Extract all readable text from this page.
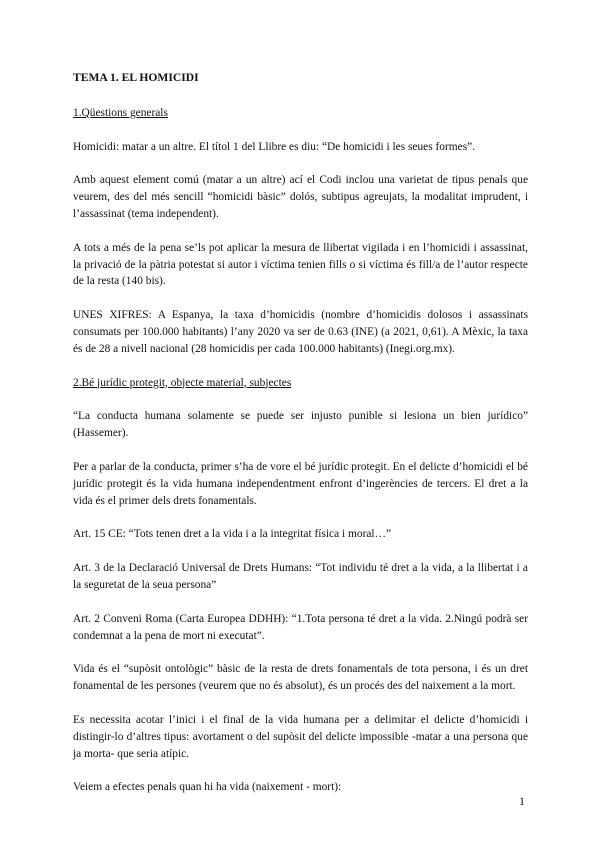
TEMA 1. EL HOMICIDI
1.Qüestions generals

Homicidi: matar a un altre. El títol 1 del Llibre es diu: “De homicidi i les seues formes”.

Amb aquest element comú (matar a un altre) ací el Codi inclou una varietat de tipus penals que veurem, des del més sencill “homicidi bàsic” dolós, subtipus agreujats, la modalitat imprudent, i l’assassinat (tema independent).

A tots a més de la pena se’ls pot aplicar la mesura de llibertat vigilada i en l’homicidi i assassinat, la privació de la pàtria potestat si autor i víctima tenien fills o si víctima és fill/a de l’autor respecte de la resta (140 bis).

UNES XIFRES: A Espanya, la taxa d’homicidis (nombre d’homicidis dolosos i assassinats consumats per 100.000 habitants) l’any 2020 va ser de 0.63 (INE) (a 2021, 0,61). A Mèxic, la taxa és de 28 a nivell nacional (28 homicidis per cada 100.000 habitants) (Inegi.org.mx).

2.Bé jurídic protegit, objecte material, subjectes

“La conducta humana solamente se puede ser injusto punible si lesiona un bien jurídico” (Hassemer).

Per a parlar de la conducta, primer s’ha de vore el bé jurídic protegit. En el delicte d’homicidi el bé jurídic protegit és la vida humana independentment enfront d’ingerències de tercers. El dret a la vida és el primer dels drets fonamentals.

Art. 15 CE: “Tots tenen dret a la vida i a la integritat física i moral…”

Art. 3 de la Declaració Universal de Drets Humans: “Tot individu té dret a la vida, a la llibertat i a la seguretat de la seua persona”

Art. 2 Conveni Roma (Carta Europea DDHH): “1.Tota persona té dret a la vida. 2.Ningú podrà ser condemnat a la pena de mort ni executat”.

Vida és el “supòsit ontològic” bàsic de la resta de drets fonamentals de tota persona, i és un dret fonamental de les persones (veurem que no és absolut), és un procés des del naixement a la mort.

Es necessita acotar l’inici i el final de la vida humana per a delimitar el delicte d’homicidi i distingir-lo d’altres tipus: avortament o del supòsit del delicte impossible -matar a una persona que ja morta- que seria atípic.

Veiem a efectes penals quan hi ha vida (naixement - mort):

1
